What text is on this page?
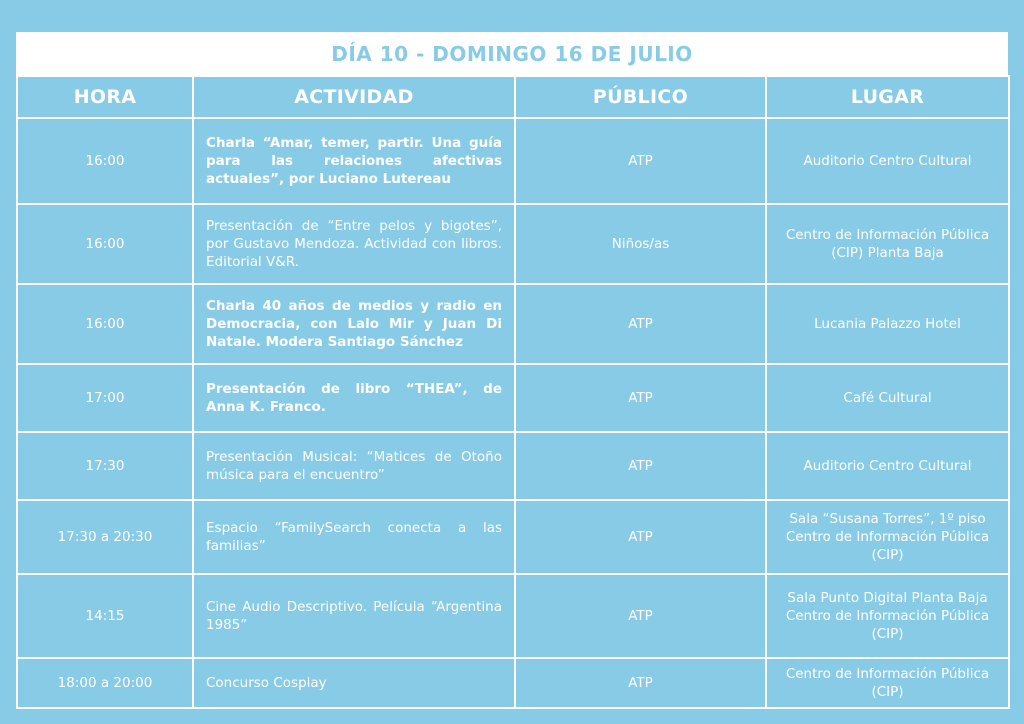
DÍA 10 - DOMINGO 16 DE JULIO
HORA	ACTIVIDAD	PÚBLICO	LUGAR
16:00	Charla “Amar, temer, partir. Una guía para las relaciones afectivas actuales”, por Luciano Lutereau	ATP	Auditorio Centro Cultural
16:00	Presentación de “Entre pelos y bigotes”, por Gustavo Mendoza. Actividad con libros. Editorial V&R.	Niños/as	Centro de Información Pública (CIP) Planta Baja
16:00	Charla 40 años de medios y radio en Democracia, con Lalo Mir y Juan Di Natale. Modera Santiago Sánchez	ATP	Lucania Palazzo Hotel
17:00	Presentación de libro “THEA”, de Anna K. Franco.	ATP	Café Cultural
17:30	Presentación Musical: “Matices de Otoño música para el encuentro”	ATP	Auditorio Centro Cultural
17:30 a 20:30	Espacio “FamilySearch conecta a las familias”	ATP	Sala “Susana Torres”, 1º piso Centro de Información Pública (CIP)
14:15	Cine Audio Descriptivo. Película “Argentina 1985”	ATP	Sala Punto Digital Planta Baja Centro de Información Pública (CIP)
18:00 a 20:00	Concurso Cosplay	ATP	Centro de Información Pública (CIP)
